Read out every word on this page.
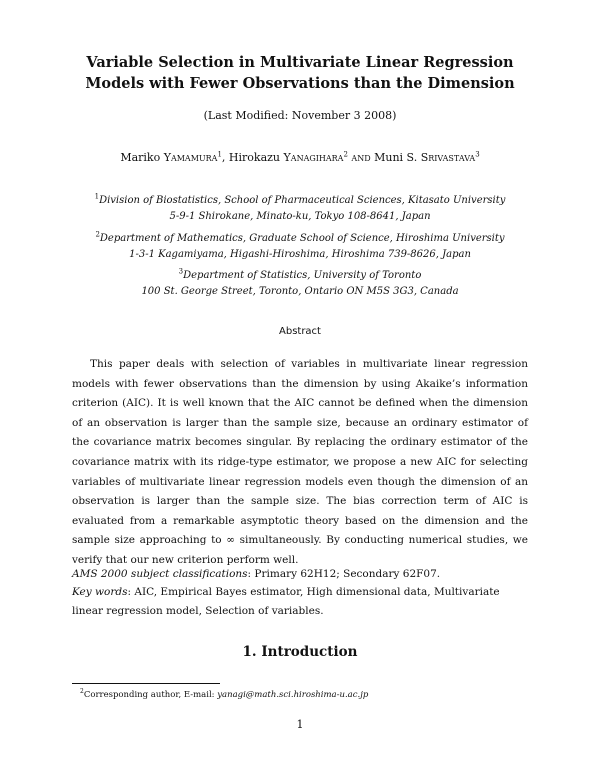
Variable Selection in Multivariate Linear Regression
Models with Fewer Observations than the Dimension
(Last Modified: November 3 2008)
Mariko Yamamura$^1$, Hirokazu Yanagihara$^2$ and Muni S. Srivastava$^3$
$^1$Division of Biostatistics, School of Pharmaceutical Sciences, Kitasato University
5-9-1 Shirokane, Minato-ku, Tokyo 108-8641, Japan
$^2$Department of Mathematics, Graduate School of Science, Hiroshima University
1-3-1 Kagamiyama, Higashi-Hiroshima, Hiroshima 739-8626, Japan
$^3$Department of Statistics, University of Toronto
100 St. George Street, Toronto, Ontario ON M5S 3G3, Canada
Abstract
This paper deals with selection of variables in multivariate linear regression models with fewer observations than the dimension by using Akaike’s information criterion (AIC). It is well known that the AIC cannot be defined when the dimension of an observation is larger than the sample size, because an ordinary estimator of the covariance matrix becomes singular. By replacing the ordinary estimator of the covariance matrix with its ridge-type estimator, we propose a new AIC for selecting variables of multivariate linear regression models even though the dimension of an observation is larger than the sample size. The bias correction term of AIC is evaluated from a remarkable asymptotic theory based on the dimension and the sample size approaching to ∞ simultaneously. By conducting numerical studies, we verify that our new criterion perform well.
AMS 2000 subject classifications: Primary 62H12; Secondary 62F07.
Key words: AIC, Empirical Bayes estimator, High dimensional data, Multivariate linear regression model, Selection of variables.
1. Introduction
$^2$Corresponding author, E-mail: yanagi@math.sci.hiroshima-u.ac.jp
1
